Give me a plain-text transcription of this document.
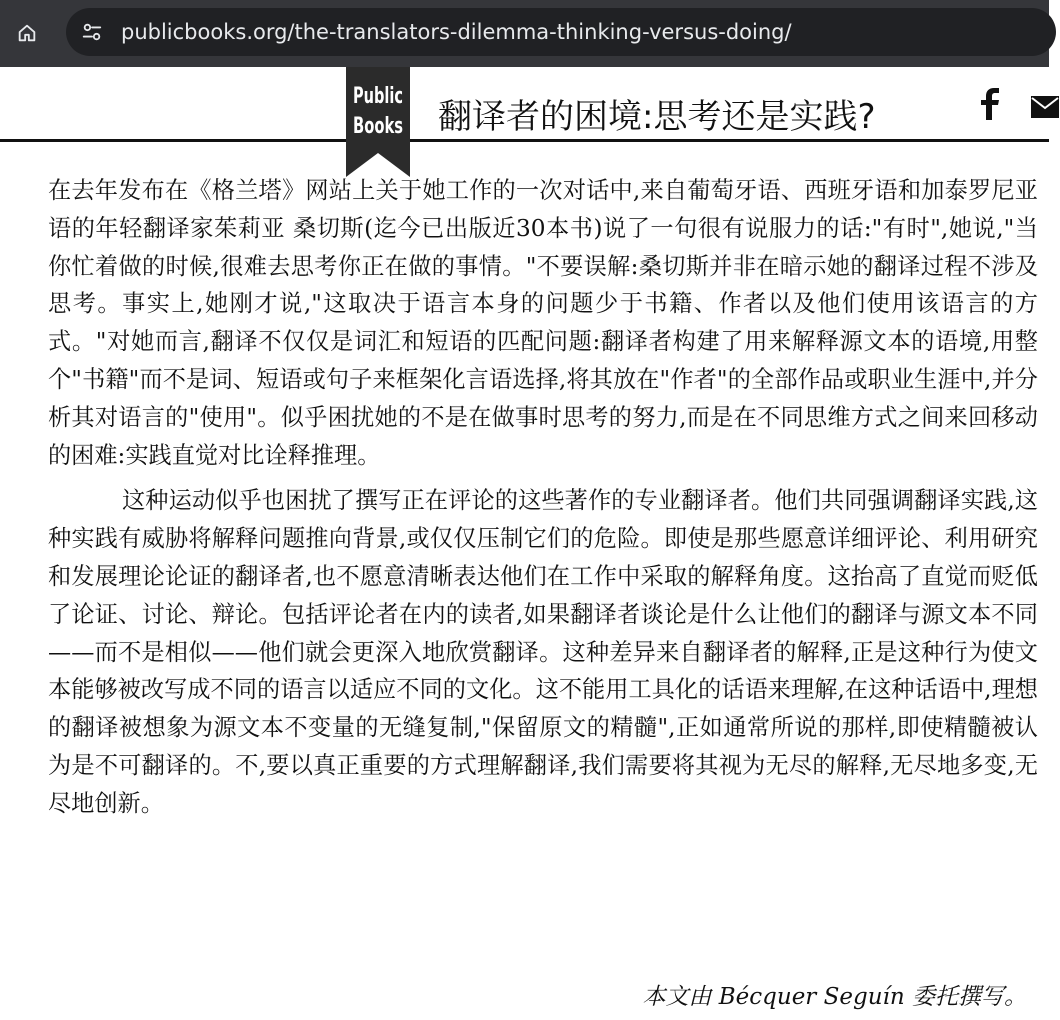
publicbooks.org/the-translators-dilemma-thinking-versus-doing/
翻译者的困境:思考还是实践?
Public
Books

在去年发布在《格兰塔》网站上关于她工作的一次对话中,来自葡萄牙语、西班牙语和加泰罗尼亚语的年轻翻译家茱莉亚 桑切斯(迄今已出版近30本书)说了一句很有说服力的话:"有时",她说,"当你忙着做的时候,很难去思考你正在做的事情。"不要误解:桑切斯并非在暗示她的翻译过程不涉及思考。事实上,她刚才说,"这取决于语言本身的问题少于书籍、作者以及他们使用该语言的方式。"对她而言,翻译不仅仅是词汇和短语的匹配问题:翻译者构建了用来解释源文本的语境,用整个"书籍"而不是词、短语或句子来框架化言语选择,将其放在"作者"的全部作品或职业生涯中,并分析其对语言的"使用"。似乎困扰她的不是在做事时思考的努力,而是在不同思维方式之间来回移动的困难:实践直觉对比诠释推理。

这种运动似乎也困扰了撰写正在评论的这些著作的专业翻译者。他们共同强调翻译实践,这种实践有威胁将解释问题推向背景,或仅仅压制它们的危险。即使是那些愿意详细评论、利用研究和发展理论论证的翻译者,也不愿意清晰表达他们在工作中采取的解释角度。这抬高了直觉而贬低了论证、讨论、辩论。包括评论者在内的读者,如果翻译者谈论是什么让他们的翻译与源文本不同——而不是相似——他们就会更深入地欣赏翻译。这种差异来自翻译者的解释,正是这种行为使文本能够被改写成不同的语言以适应不同的文化。这不能用工具化的话语来理解,在这种话语中,理想的翻译被想象为源文本不变量的无缝复制,"保留原文的精髓",正如通常所说的那样,即使精髓被认为是不可翻译的。不,要以真正重要的方式理解翻译,我们需要将其视为无尽的解释,无尽地多变,无尽地创新。

本文由 Bécquer Seguín 委托撰写。
